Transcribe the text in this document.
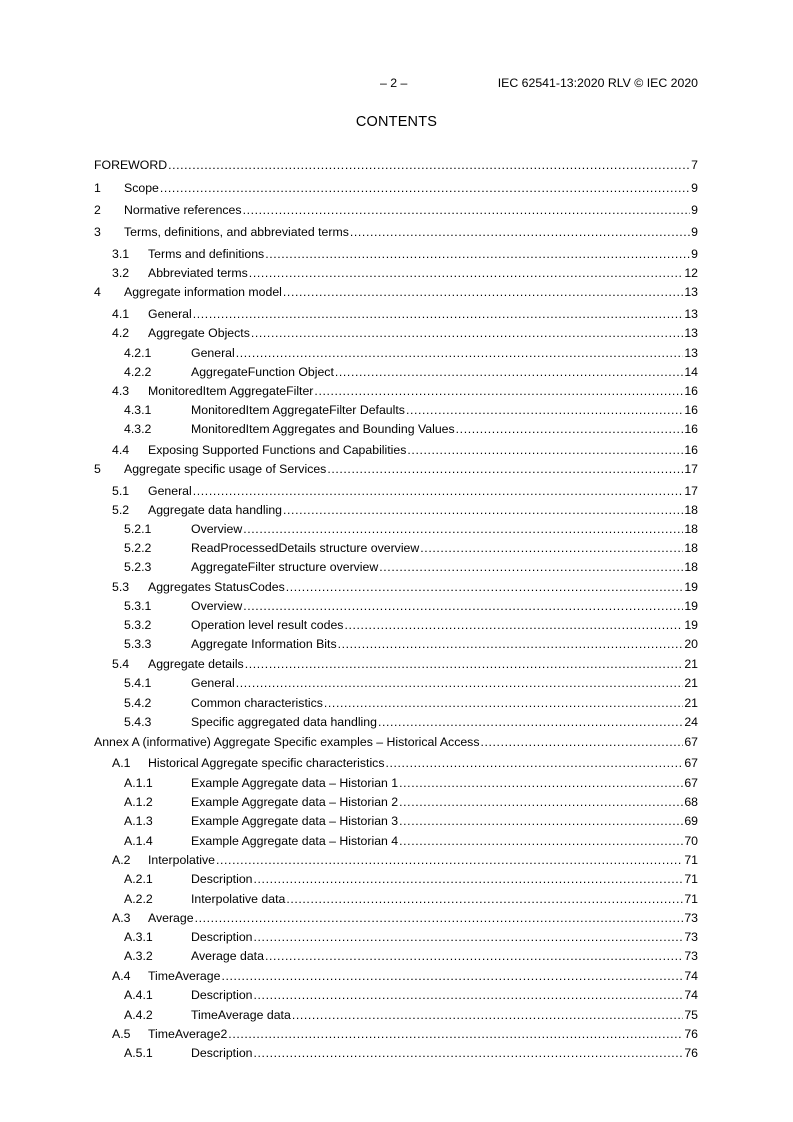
– 2 –	IEC 62541-13:2020 RLV © IEC 2020
CONTENTS
FOREWORD .....	7
1	Scope .....	9
2	Normative references .....	9
3	Terms, definitions, and abbreviated terms .....	9
3.1	Terms and definitions .....	9
3.2	Abbreviated terms .....	12
4	Aggregate information model .....	13
4.1	General .....	13
4.2	Aggregate Objects .....	13
4.2.1	General .....	13
4.2.2	AggregateFunction Object .....	14
4.3	MonitoredItem AggregateFilter .....	16
4.3.1	MonitoredItem AggregateFilter Defaults .....	16
4.3.2	MonitoredItem Aggregates and Bounding Values .....	16
4.4	Exposing Supported Functions and Capabilities .....	16
5	Aggregate specific usage of Services .....	17
5.1	General .....	17
5.2	Aggregate data handling .....	18
5.2.1	Overview .....	18
5.2.2	ReadProcessedDetails structure overview .....	18
5.2.3	AggregateFilter structure overview .....	18
5.3	Aggregates StatusCodes .....	19
5.3.1	Overview .....	19
5.3.2	Operation level result codes .....	19
5.3.3	Aggregate Information Bits .....	20
5.4	Aggregate details .....	21
5.4.1	General .....	21
5.4.2	Common characteristics .....	21
5.4.3	Specific aggregated data handling .....	24
Annex A (informative) Aggregate Specific examples – Historical Access .....	67
A.1	Historical Aggregate specific characteristics .....	67
A.1.1	Example Aggregate data – Historian 1 .....	67
A.1.2	Example Aggregate data – Historian 2 .....	68
A.1.3	Example Aggregate data – Historian 3 .....	69
A.1.4	Example Aggregate data – Historian 4 .....	70
A.2	Interpolative .....	71
A.2.1	Description .....	71
A.2.2	Interpolative data .....	71
A.3	Average .....	73
A.3.1	Description .....	73
A.3.2	Average data .....	73
A.4	TimeAverage .....	74
A.4.1	Description .....	74
A.4.2	TimeAverage data .....	75
A.5	TimeAverage2 .....	76
A.5.1	Description .....	76
